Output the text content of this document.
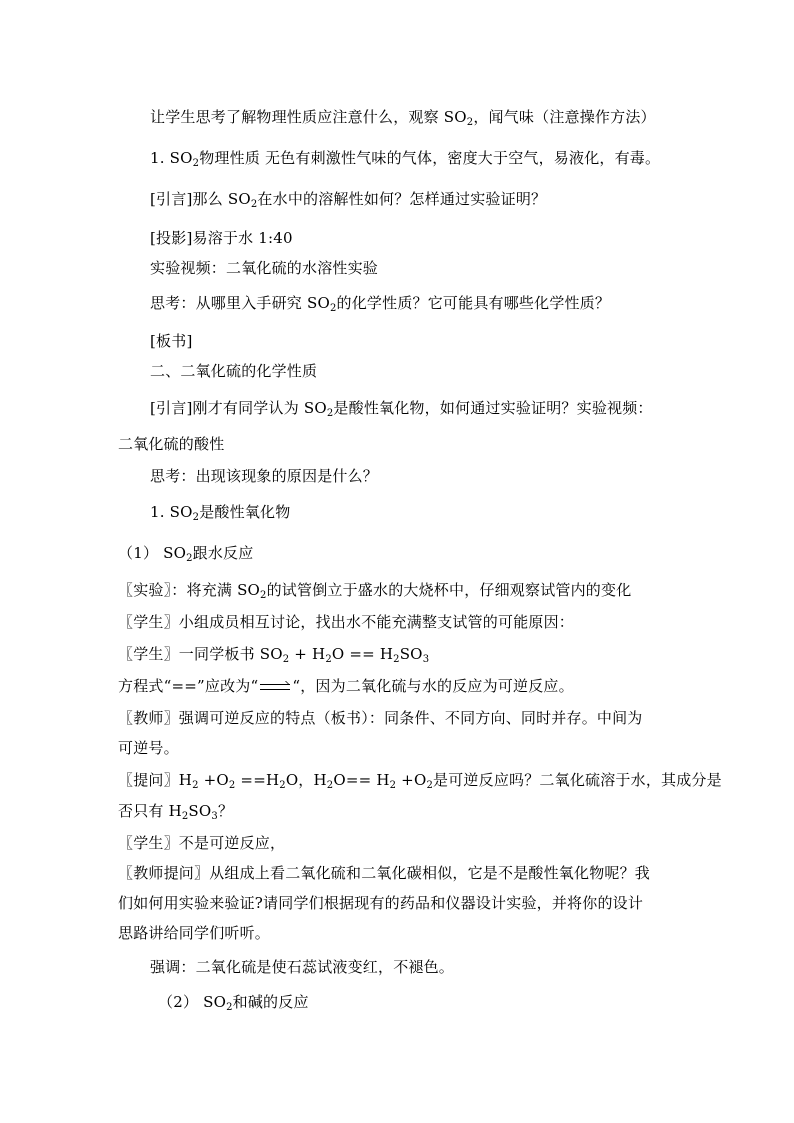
让学生思考了解物理性质应注意什么，观察 $SO_2$，闻气味（注意操作方法）
1. $SO_2$物理性质 无色有刺激性气味的气体，密度大于空气，易液化，有毒。
[引言]那么 $SO_2$在水中的溶解性如何？怎样通过实验证明？
[投影]易溶于水 1:40
实验视频：二氧化硫的水溶性实验
思考：从哪里入手研究 $SO_2$的化学性质？它可能具有哪些化学性质？
[板书]
二、二氧化硫的化学性质
[引言]刚才有同学认为 $SO_2$是酸性氧化物，如何通过实验证明？实验视频：
二氧化硫的酸性
思考：出现该现象的原因是什么？
1. $SO_2$是酸性氧化物
（1） $SO_2$跟水反应
〖实验〗：将充满 $SO_2$的试管倒立于盛水的大烧杯中，仔细观察试管内的变化
〖学生〗小组成员相互讨论，找出水不能充满整支试管的可能原因：
〖学生〗一同学板书 $SO_2 + H_2O == H_2SO_3$
方程式“==”应改为“ “，因为二氧化硫与水的反应为可逆反应。
〖教师〗强调可逆反应的特点（板书）：同条件、不同方向、同时并存。中间为
可逆号。
〖提问〗$H_2 +O_2 ==H_2O$，$H_2O== H_2 +O_2$是可逆反应吗？二氧化硫溶于水，其成分是
否只有 $H_2SO_3$？
〖学生〗不是可逆反应，
〖教师提问〗从组成上看二氧化硫和二氧化碳相似，它是不是酸性氧化物呢？我
们如何用实验来验证?请同学们根据现有的药品和仪器设计实验，并将你的设计
思路讲给同学们听听。
强调：二氧化硫是使石蕊试液变红，不褪色。
（2） $SO_2$和碱的反应
